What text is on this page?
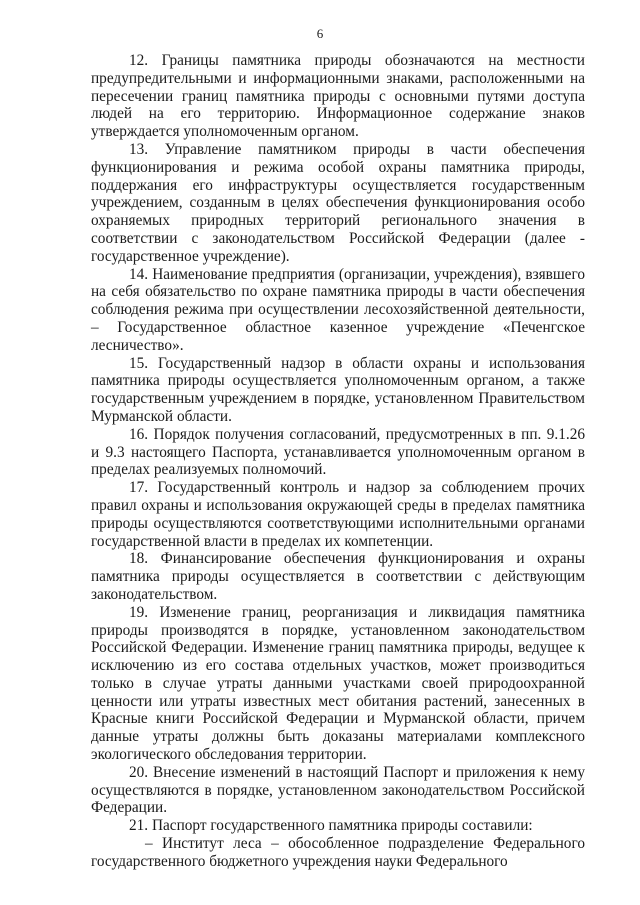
6

12. Границы памятника природы обозначаются на местности предупредительными и информационными знаками, расположенными на пересечении границ памятника природы с основными путями доступа людей на его территорию. Информационное содержание знаков утверждается уполномоченным органом.

13. Управление памятником природы в части обеспечения функционирования и режима особой охраны памятника природы, поддержания его инфраструктуры осуществляется государственным учреждением, созданным в целях обеспечения функционирования особо охраняемых природных территорий регионального значения в соответствии с законодательством Российской Федерации (далее - государственное учреждение).

14. Наименование предприятия (организации, учреждения), взявшего на себя обязательство по охране памятника природы в части обеспечения соблюдения режима при осуществлении лесохозяйственной деятельности, – Государственное областное казенное учреждение «Печенгское лесничество».

15. Государственный надзор в области охраны и использования памятника природы осуществляется уполномоченным органом, а также государственным учреждением в порядке, установленном Правительством Мурманской области.

16. Порядок получения согласований, предусмотренных в пп. 9.1.26 и 9.3 настоящего Паспорта, устанавливается уполномоченным органом в пределах реализуемых полномочий.

17. Государственный контроль и надзор за соблюдением прочих правил охраны и использования окружающей среды в пределах памятника природы осуществляются соответствующими исполнительными органами государственной власти в пределах их компетенции.

18. Финансирование обеспечения функционирования и охраны памятника природы осуществляется в соответствии с действующим законодательством.

19. Изменение границ, реорганизация и ликвидация памятника природы производятся в порядке, установленном законодательством Российской Федерации. Изменение границ памятника природы, ведущее к исключению из его состава отдельных участков, может производиться только в случае утраты данными участками своей природоохранной ценности или утраты известных мест обитания растений, занесенных в Красные книги Российской Федерации и Мурманской области, причем данные утраты должны быть доказаны материалами комплексного экологического обследования территории.

20. Внесение изменений в настоящий Паспорт и приложения к нему осуществляются в порядке, установленном законодательством Российской Федерации.

21. Паспорт государственного памятника природы составили:

– Институт леса – обособленное подразделение Федерального государственного бюджетного учреждения науки Федерального
